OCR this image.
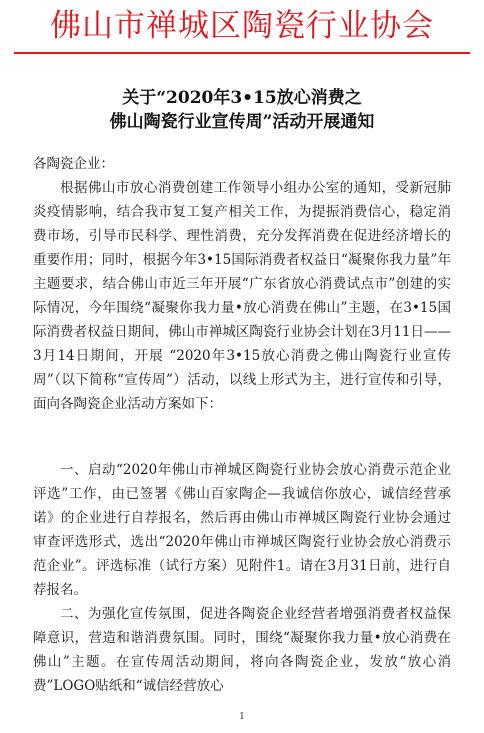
佛山市禅城区陶瓷行业协会
关于“2020年3•15放心消费之
佛山陶瓷行业宣传周”活动开展通知
各陶瓷企业：
根据佛山市放心消费创建工作领导小组办公室的通知，受新冠肺炎疫情影响，结合我市复工复产相关工作，为提振消费信心，稳定消费市场，引导市民科学、理性消费，充分发挥消费在促进经济增长的重要作用；同时，根据今年3•15国际消费者权益日“凝聚你我力量”年主题要求，结合佛山市近三年开展“广东省放心消费试点市”创建的实际情况，今年围绕“凝聚你我力量•放心消费在佛山”主题，在3•15国际消费者权益日期间，佛山市禅城区陶瓷行业协会计划在3月11日——3月14日期间，开展 “2020年3•15放心消费之佛山陶瓷行业宣传周”（以下简称“宣传周”）活动，以线上形式为主，进行宣传和引导，面向各陶瓷企业活动方案如下：
一、启动“2020年佛山市禅城区陶瓷行业协会放心消费示范企业评选”工作，由已签署《佛山百家陶企—我诚信你放心，诚信经营承诺》的企业进行自荐报名，然后再由佛山市禅城区陶瓷行业协会通过审查评选形式，选出“2020年佛山市禅城区陶瓷行业协会放心消费示范企业”。评选标准（试行方案）见附件1。请在3月31日前，进行自荐报名。
二、为强化宣传氛围，促进各陶瓷企业经营者增强消费者权益保障意识，营造和谐消费氛围。同时，围绕“凝聚你我力量•放心消费在佛山”主题。在宣传周活动期间，将向各陶瓷企业，发放“放心消费”LOGO贴纸和“诚信经营放心
1
